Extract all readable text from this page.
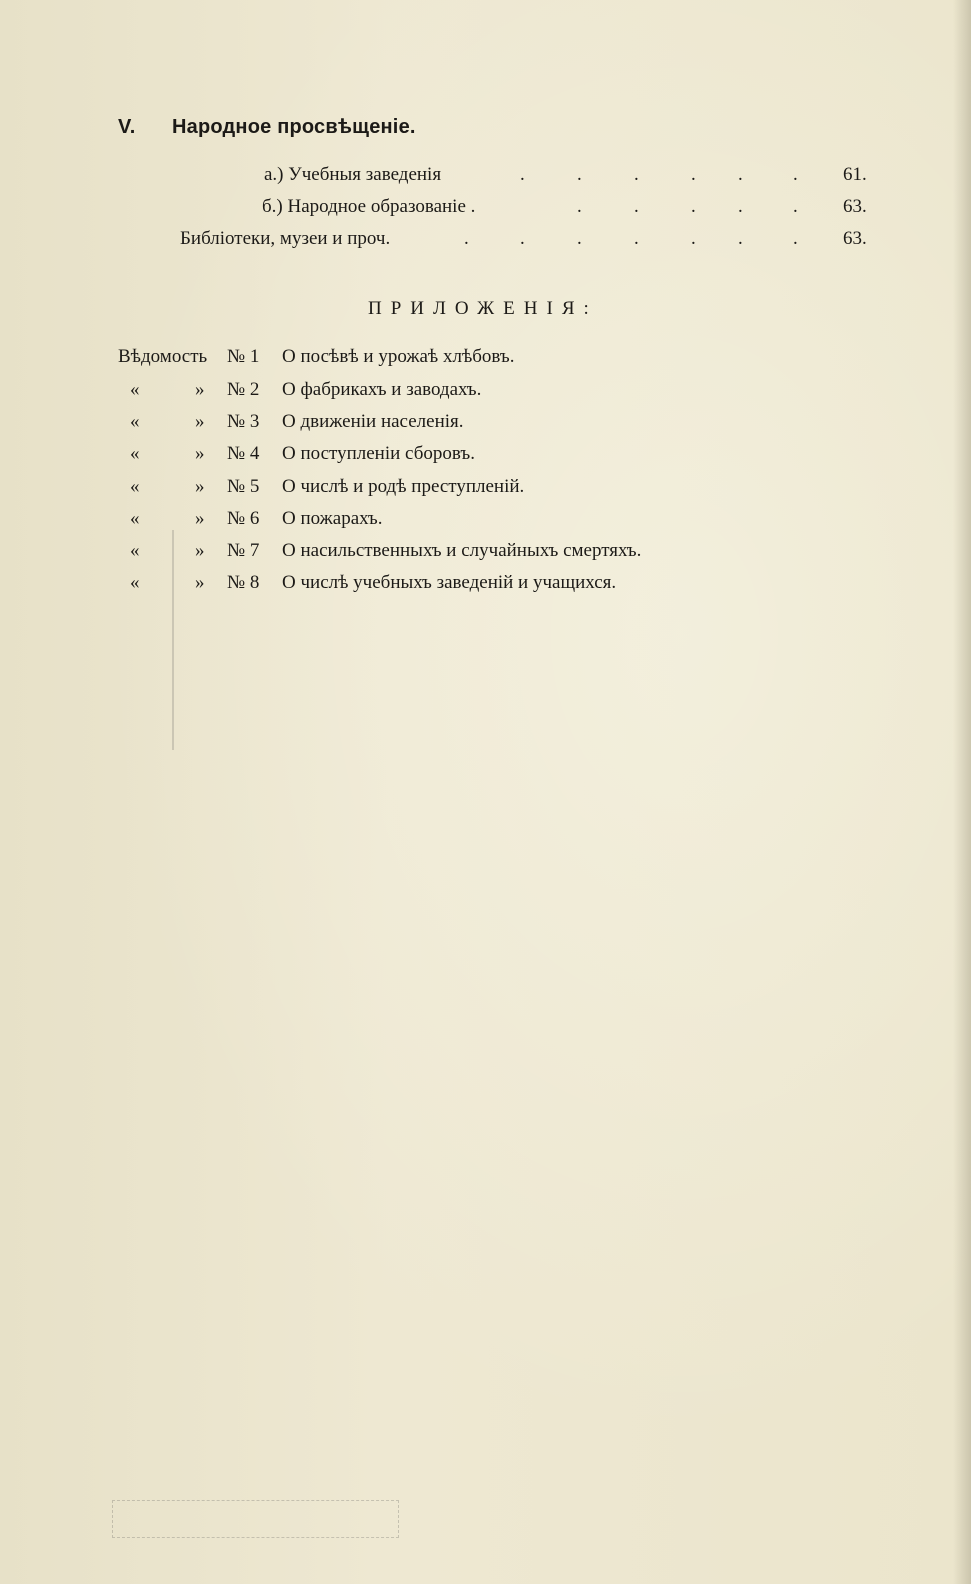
V. Народное просвѣщеніе.
а.) Учебныя заведенія	.	.	.	. .	. 61.
б.) Народное образованіе .	.	.	. .	. 63.
Библіотеки, музеи и проч.	.	.	.	.	. .	. 63.
ПРИЛОЖЕНІЯ:
Вѣдомость № 1 О посѣвѣ и урожаѣ хлѣбовъ.
«	» № 2 О фабрикахъ и заводахъ.
«	» № 3 О движеніи населенія.
«	» № 4 О поступленіи сборовъ.
«	» № 5 О числѣ и родѣ преступленій.
«	» № 6 О пожарахъ.
«	» № 7 О насильственныхъ и случайныхъ смертяхъ.
«	» № 8 О числѣ учебныхъ заведеній и учащихся.
